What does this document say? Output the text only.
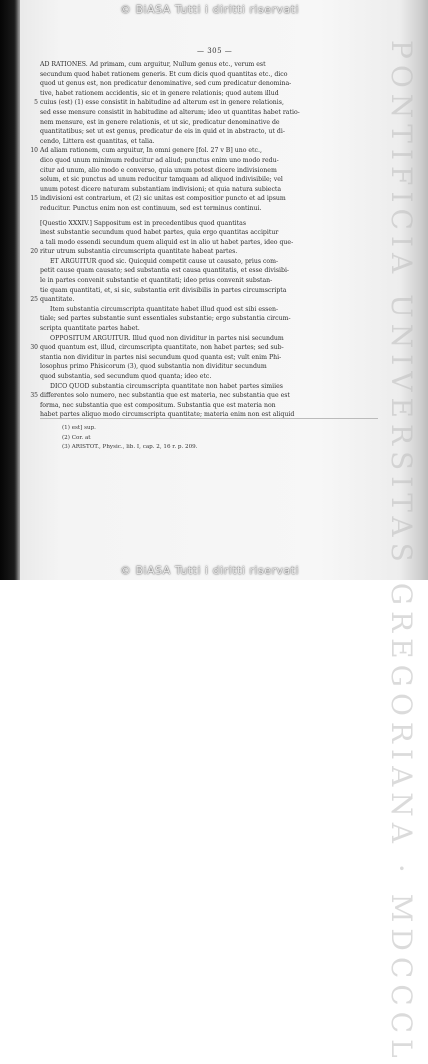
© BiASA Tutti i diritti riservati
PONTIFICIA UNIVERSITAS GREGORIANA · MDCCCL
— 305 —
AD RATIONES. Ad primam, cum arguitur, Nullum genus etc., verum est
secundum quod habet rationem generis. Et cum dicis quod quantitas etc., dico
quod ut genus est, non predicatur denominative, sed cum predicatur denomina-
tive, habet rationem accidentis, sic et in genere relationis; quod autem illud
5 cuius (est) (1) esse consistit in habitudine ad alterum est in genere relationis,
sed esse mensure consistit in habitudine ad alterum; ideo ut quantitas habet ratio-
nem mensure, est in genere relationis, et ut sic, predicatur denominative de
quantitatibus; set ut est genus, predicatur de eis in quid et in abstracto, ut di-
cendo, Littera est quantitas, et talia.
10 Ad aliam rationem, cum arguitur, In omni genere [fol. 27 v B] uno etc.,
dico quod unum minimum reducitur ad aliud; punctus enim uno modo redu-
citur ad unum, alio modo e converso, quia unum potest dicere indivisionem
solum, et sic punctus ad unum reducitur tamquam ad aliquod indivisibile; vel
unum potest dicere naturam substantiam indivisioni; et quia natura subiecta
15 indivisioni est contrarium, et (2) sic unitas est compositior puncto et ad ipsum
reducitur. Punctus enim non est continuum, sed est terminus continui.
[Questio XXXIV.] Sappositum est in precedentibus quod quantitas
inest substantie secundum quod habet partes, quia ergo quantitas accipitur
a tali modo essendi secundum quem aliquid est in alio ut habet partes, ideo que-
20 ritur utrum substantia circumscripta quantitate habeat partes.
ET ARGUITUR quod sic. Quicquid competit cause ut causato, prius com-
petit cause quam causato; sed substantia est causa quantitatis, et esse divisibi-
le in partes convenit substantie et quantitati; ideo prius convenit substan-
tie quam quantitati, et, si sic, substantia erit divisibilis in partes circumscripta
25 quantitate.
Item substantia circumscripta quantitate habet illud quod est sibi essen-
tiale; sed partes substantie sunt essentiales substantie; ergo substantia circum-
scripta quantitate partes habet.
OPPOSITUM ARGUITUR. Illud quod non dividitur in partes nisi secundum
30 quod quantum est, illud, circumscripta quantitate, non habet partes; sed sub-
stantia non dividitur in partes nisi secundum quod quanta est; vult enim Phi-
losophus primo Phisicorum (3), quod substantia non dividitur secundum
quod substantia, sed secundum quod quanta; ideo etc.
DICO QUOD substantia circumscripta quantitate non habet partes simiies
35 differentes solo numero, nec substantia que est materia, nec substantia que est
forma, nec substantia que est compositum. Substantia que est materia non
habet partes aliquo modo circumscripta quantitate; materia enim non est aliquid
(1) est] sup.
(2) Cor. at
(3) ARISTOT., Physic., lib. I, cap. 2, 16 r. p. 209.
© BiASA Tutti i diritti riservati
